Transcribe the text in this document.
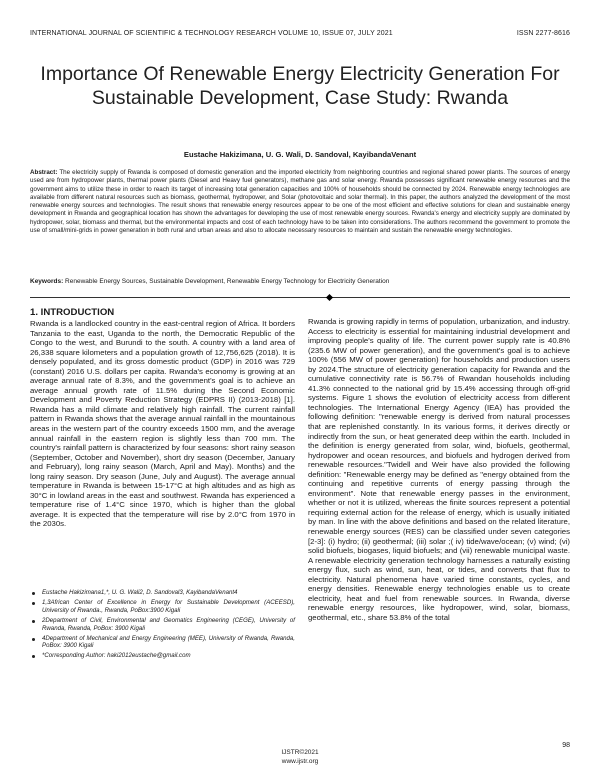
INTERNATIONAL JOURNAL OF SCIENTIFIC & TECHNOLOGY RESEARCH VOLUME 10, ISSUE 07, JULY 2021	ISSN 2277-8616
Importance Of Renewable Energy Electricity Generation For Sustainable Development, Case Study: Rwanda
Eustache Hakizimana, U. G. Wali, D. Sandoval, KayibandaVenant

Abstract: The electricity supply of Rwanda is composed of domestic generation and the imported electricity from neighboring countries and regional shared power plants. The sources of energy used are from hydropower plants, thermal power plants (Diesel and Heavy fuel generators), methane gas and solar energy. Rwanda possesses significant renewable energy resources and the government aims to utilize these in order to reach its target of increasing total generation capacities and 100% of households should be connected by 2024. Renewable energy technologies are available from different natural resources such as biomass, geothermal, hydropower, and Solar (photovoltaic and solar thermal). In this paper, the authors analyzed the development of the most renewable energy sources and technologies. The result shows that renewable energy resources appear to be one of the most efficient and effective solutions for clean and sustainable energy development in Rwanda and geographical location has shown the advantages for developing the use of most renewable energy sources. Rwanda's energy and electricity supply are dominated by hydropower, solar, biomass and thermal, but the environmental impacts and cost of each technology have to be taken into considerations. The authors recommend the government to promote the use of small/mini-grids in power generation in both rural and urban areas and also to allocate necessary resources to maintain and sustain the renewable energy technologies.

Keywords: Renewable Energy Sources, Sustainable Development, Renewable Energy Technology for Electricity Generation
1. INTRODUCTION

Rwanda is a landlocked country in the east-central region of Africa. It borders Tanzania to the east, Uganda to the north, the Democratic Republic of the Congo to the west, and Burundi to the south. A country with a land area of 26,338 square kilometers and a population growth of 12,756,625 (2018). It is densely populated, and its gross domestic product (GDP) in 2016 was 729 (constant) 2016 U.S. dollars per capita. Rwanda's economy is growing at an average annual rate of 8.3%, and the government's goal is to achieve an average annual growth rate of 11.5% during the Second Economic Development and Poverty Reduction Strategy (EDPRS II) (2013-2018) [1]. Rwanda has a mild climate and relatively high rainfall. The current rainfall pattern in Rwanda shows that the average annual rainfall in the mountainous areas in the western part of the country exceeds 1500 mm, and the average annual rainfall in the eastern region is slightly less than 700 mm. The country's rainfall pattern is characterized by four seasons: short rainy season (September, October and November), short dry season (December, January and February), long rainy season (March, April and May). Months) and the long rainy season. Dry season (June, July and August). The average annual temperature in Rwanda is between 15-17°C at high altitudes and as high as 30°C in lowland areas in the east and southwest. Rwanda has experienced a temperature rise of 1.4°C since 1970, which is higher than the global average. It is expected that the temperature will rise by 2.0°C from 1970 in the 2030s.

Eustache Hakizimana1,*, U. G. Wali2, D. Sandoval3, KayibandaVenant4
1,3African Center of Excellence in Energy for Sustainable Development (ACEESD), University of Rwanda., Rwanda, PoBox:3900 Kigali
2Department of Civil, Environmental and Geomatics Engineering (CEGE), University of Rwanda, Rwanda, PoBox: 3900 Kigali
4Department of Mechanical and Energy Engineering (MEE), University of Rwanda, Rwanda, PoBox: 3900 Kigali
*Corresponding Author: haki2012eustache@gmail.com

Rwanda is growing rapidly in terms of population, urbanization, and industry. Access to electricity is essential for maintaining industrial development and improving people's quality of life. The current power supply rate is 40.8% (235.6 MW of power generation), and the government's goal is to achieve 100% (556 MW of power generation) for households and production users by 2024.The structure of electricity generation capacity for Rwanda and the cumulative connectivity rate is 56.7% of Rwandan households including 41.3% connected to the national grid by 15.4% accessing through off-grid systems. Figure 1 shows the evolution of electricity access from different technologies. The International Energy Agency (IEA) has provided the following definition: "renewable energy is derived from natural processes that are replenished constantly. In its various forms, it derives directly or indirectly from the sun, or heat generated deep within the earth. Included in the definition is energy generated from solar, wind, biofuels, geothermal, hydropower and ocean resources, and biofuels and hydrogen derived from renewable resources."Twidell and Weir have also provided the following definition: "Renewable energy may be defined as "energy obtained from the continuing and repetitive currents of energy passing through the environment". Note that renewable energy passes in the environment, whether or not it is utilized, whereas the finite sources represent a potential requiring external action for the release of energy, which is usually initiated by man. In line with the above definitions and based on the related literature, renewable energy sources (RES) can be classified under seven categories [2-3]: (i) hydro; (ii) geothermal; (iii) solar ;( iv) tide/wave/ocean; (v) wind; (vi) solid biofuels, biogases, liquid biofuels; and (vii) renewable municipal waste. A renewable electricity generation technology harnesses a naturally existing energy flux, such as wind, sun, heat, or tides, and converts that flux to electricity. Natural phenomena have varied time constants, cycles, and energy densities. Renewable energy technologies enable us to create electricity, heat and fuel from renewable sources. In Rwanda, diverse renewable energy resources, like hydropower, wind, solar, biomass, geothermal, etc., share 53.8% of the total

98
IJSTR©2021
www.ijstr.org
